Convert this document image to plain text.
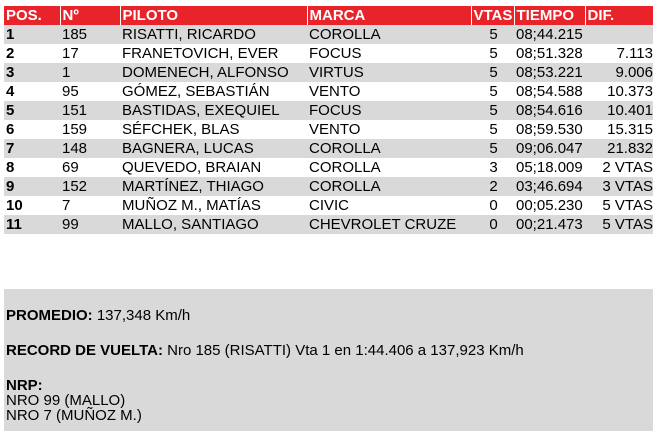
POS.	Nº	PILOTO	MARCA	VTAS	TIEMPO	DIF.
1	185	RISATTI, RICARDO	COROLLA	5	08;44.215	
2	17	FRANETOVICH, EVER	FOCUS	5	08;51.328	7.113
3	1	DOMENECH, ALFONSO	VIRTUS	5	08;53.221	9.006
4	95	GÓMEZ, SEBASTIÁN	VENTO	5	08;54.588	10.373
5	151	BASTIDAS, EXEQUIEL	FOCUS	5	08;54.616	10.401
6	159	SÉFCHEK, BLAS	VENTO	5	08;59.530	15.315
7	148	BAGNERA, LUCAS	COROLLA	5	09;06.047	21.832
8	69	QUEVEDO, BRAIAN	COROLLA	3	05;18.009	2 VTAS
9	152	MARTÍNEZ, THIAGO	COROLLA	2	03;46.694	3 VTAS
10	7	MUÑOZ M., MATÍAS	CIVIC	0	00;05.230	5 VTAS
11	99	MALLO, SANTIAGO	CHEVROLET CRUZE	0	00;21.473	5 VTAS
PROMEDIO: 137,348 Km/h
RECORD DE VUELTA: Nro 185 (RISATTI) Vta 1 en 1:44.406 a 137,923 Km/h
NRP:
NRO 99 (MALLO)
NRO 7 (MUÑOZ M.)
